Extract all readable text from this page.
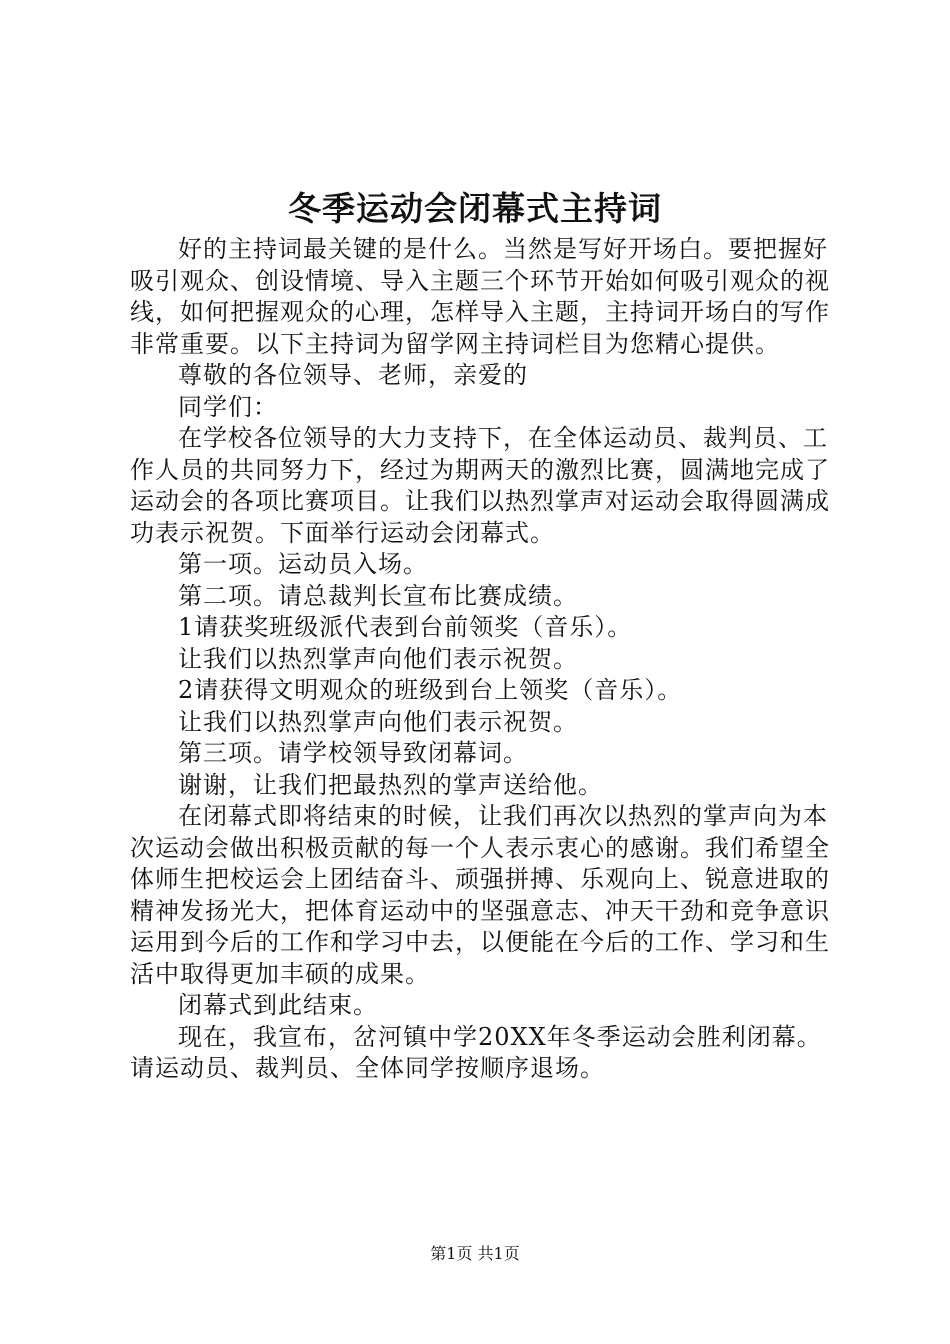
冬季运动会闭幕式主持词

好的主持词最关键的是什么。当然是写好开场白。要把握好吸引观众、创设情境、导入主题三个环节开始如何吸引观众的视线，如何把握观众的心理，怎样导入主题，主持词开场白的写作非常重要。以下主持词为留学网主持词栏目为您精心提供。

尊敬的各位领导、老师，亲爱的

同学们：

在学校各位领导的大力支持下，在全体运动员、裁判员、工作人员的共同努力下，经过为期两天的激烈比赛，圆满地完成了运动会的各项比赛项目。让我们以热烈掌声对运动会取得圆满成功表示祝贺。下面举行运动会闭幕式。

第一项。运动员入场。

第二项。请总裁判长宣布比赛成绩。

1请获奖班级派代表到台前领奖（音乐）。

让我们以热烈掌声向他们表示祝贺。

2请获得文明观众的班级到台上领奖（音乐）。

让我们以热烈掌声向他们表示祝贺。

第三项。请学校领导致闭幕词。

谢谢，让我们把最热烈的掌声送给他。

在闭幕式即将结束的时候，让我们再次以热烈的掌声向为本次运动会做出积极贡献的每一个人表示衷心的感谢。我们希望全体师生把校运会上团结奋斗、顽强拼搏、乐观向上、锐意进取的精神发扬光大，把体育运动中的坚强意志、冲天干劲和竞争意识运用到今后的工作和学习中去，以便能在今后的工作、学习和生活中取得更加丰硕的成果。

闭幕式到此结束。

现在，我宣布，岔河镇中学20XX年冬季运动会胜利闭幕。请运动员、裁判员、全体同学按顺序退场。

第1页 共1页
